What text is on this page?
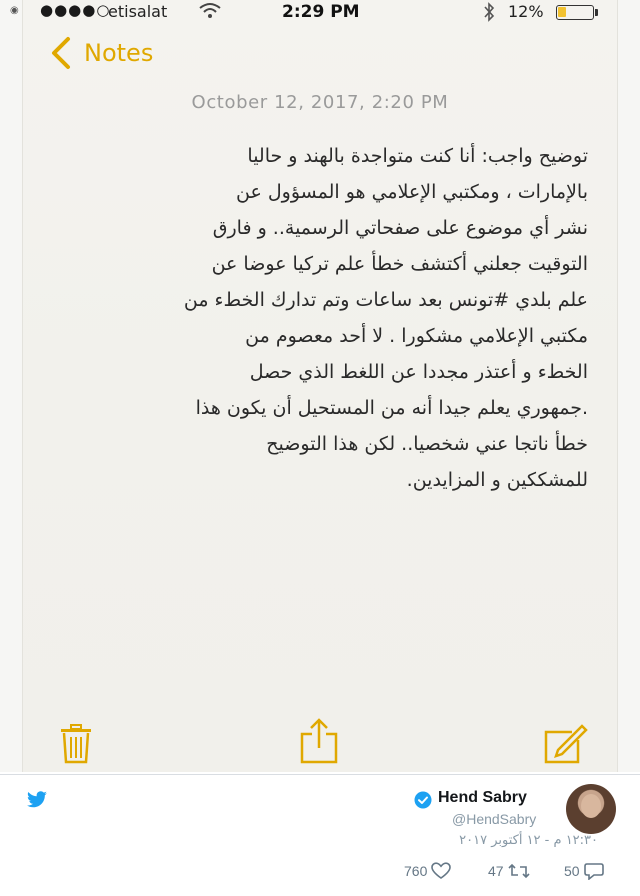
◉ ●●●●○
etisalat	2:29 PM	12%
Notes
October 12, 2017, 2:20 PM
توضيح واجب: أنا كنت متواجدة بالهند و حاليا
بالإمارات ، ومكتبي الإعلامي هو المسؤول عن
نشر أي موضوع على صفحاتي الرسمية.. و فارق
التوقيت جعلني أكتشف خطأ علم تركيا عوضا عن
علم بلدي #تونس بعد ساعات وتم تدارك الخطء من
مكتبي الإعلامي مشكورا . لا أحد معصوم من
الخطء و أعتذر مجددا عن اللغط الذي حصل
.جمهوري يعلم جيدا أنه من المستحيل أن يكون هذا
خطأ ناتجا عني شخصيا.. لكن هذا التوضيح
للمشككين و المزايدين.
Hend Sabry
@HendSabry
١٢:٣٠ م - ١٢ أكتوبر ٢٠١٧
760	47	50
